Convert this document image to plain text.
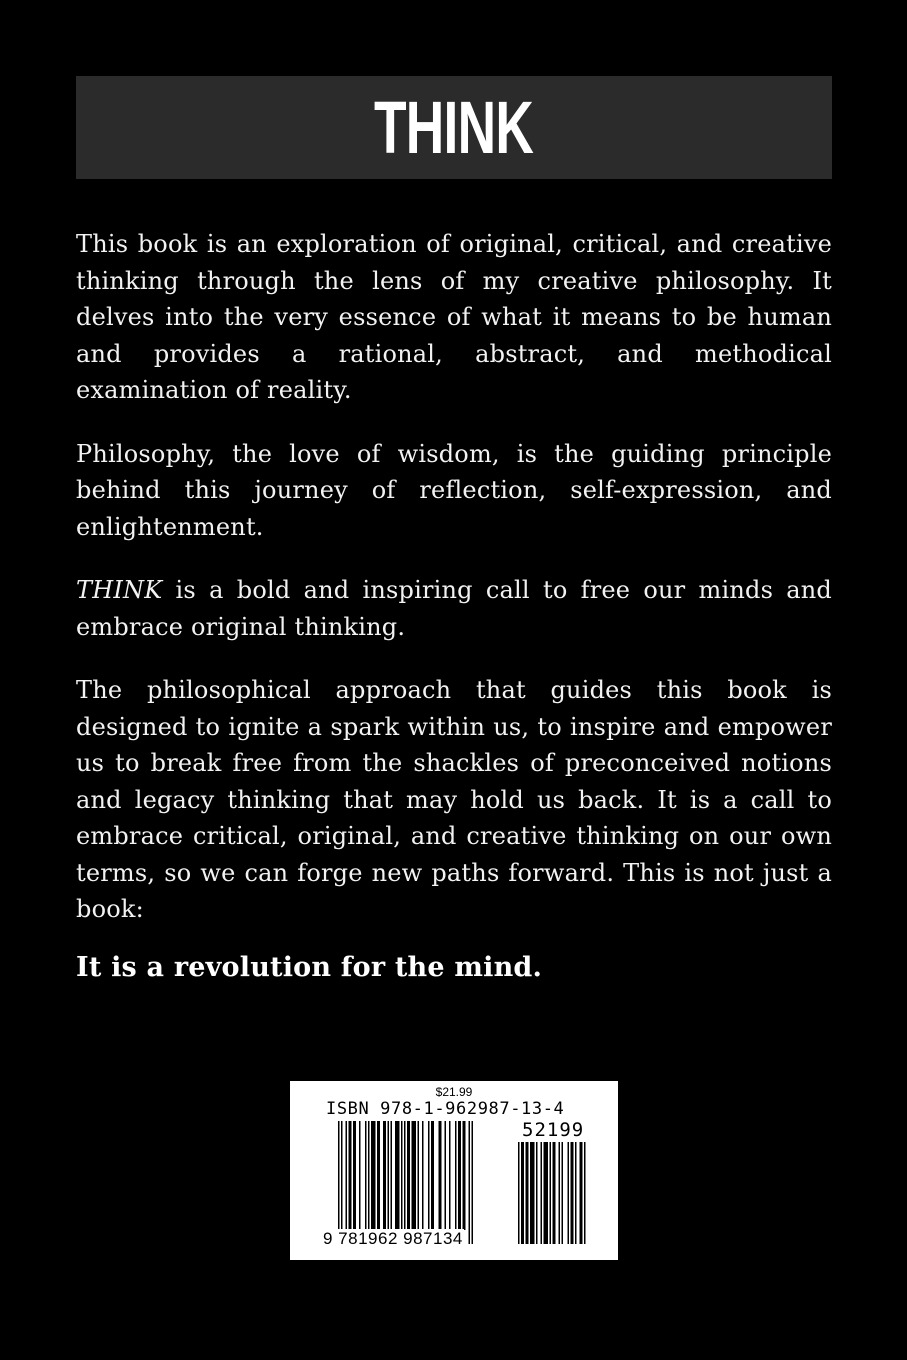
THINK

This book is an exploration of original, critical, and creative thinking through the lens of my creative philosophy. It delves into the very essence of what it means to be human and provides a rational, abstract, and methodical examination of reality.

Philosophy, the love of wisdom, is the guiding principle behind this journey of reflection, self-expression, and enlightenment.

THINK is a bold and inspiring call to free our minds and embrace original thinking.

The philosophical approach that guides this book is designed to ignite a spark within us, to inspire and empower us to break free from the shackles of preconceived notions and legacy thinking that may hold us back. It is a call to embrace critical, original, and creative thinking on our own terms, so we can forge new paths forward. This is not just a book:

It is a revolution for the mind.
$21.99
ISBN 978-1-962987-13-4
52199
9 781962 987134
